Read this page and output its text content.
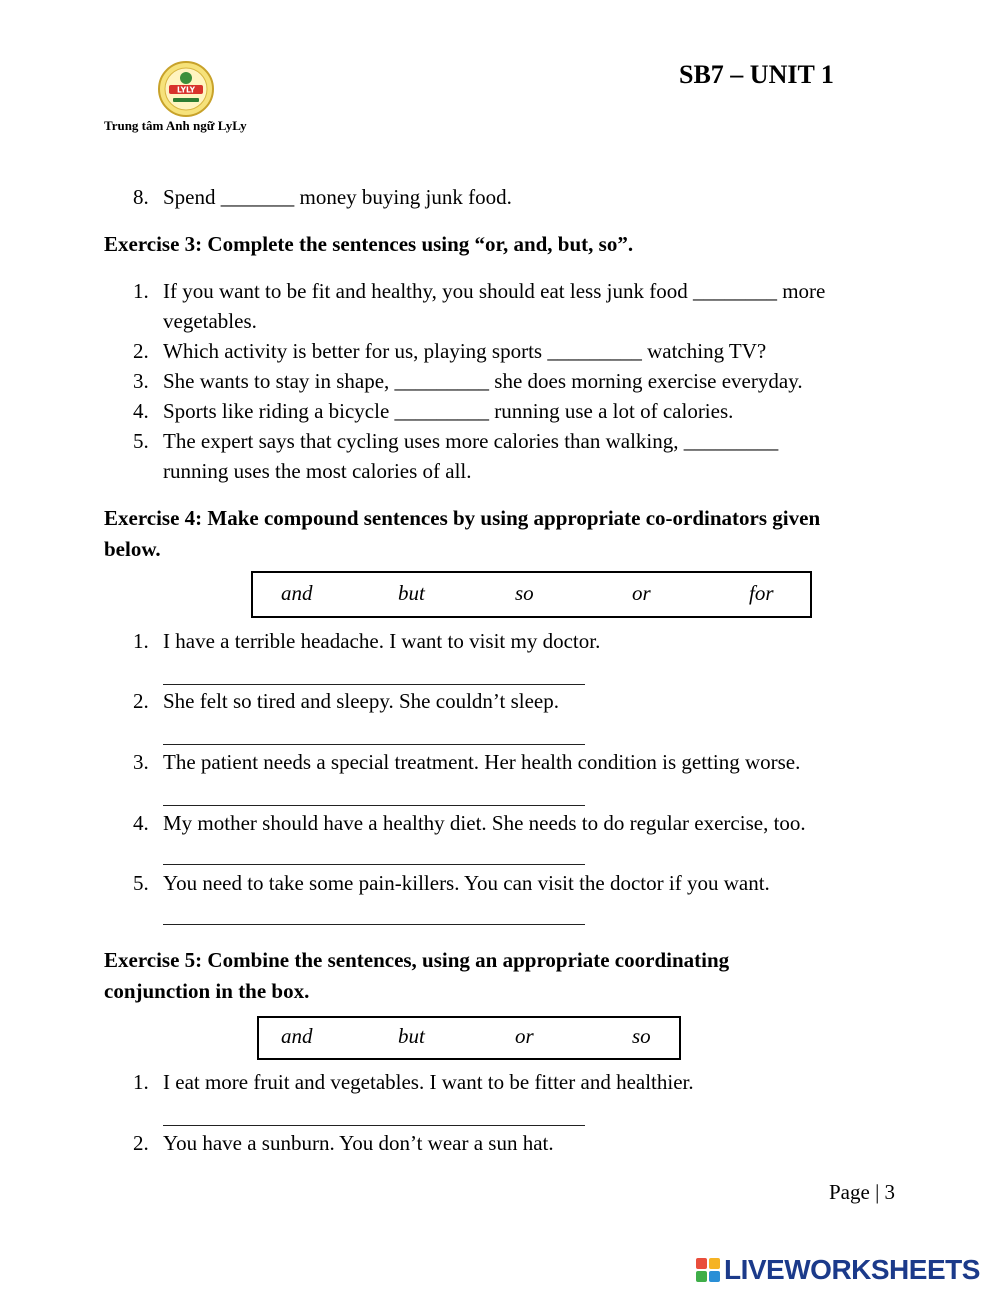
LYLY
Trung tâm Anh ngữ LyLy
SB7 – UNIT 1
8. Spend _______ money buying junk food.
Exercise 3: Complete the sentences using “or, and, but, so”.
1. If you want to be fit and healthy, you should eat less junk food ________ more
vegetables.
2. Which activity is better for us, playing sports _________ watching TV?
3. She wants to stay in shape, _________ she does morning exercise everyday.
4. Sports like riding a bicycle _________ running use a lot of calories.
5. The expert says that cycling uses more calories than walking, _________
running uses the most calories of all.
Exercise 4: Make compound sentences by using appropriate co-ordinators given
below.
and	but	so	or	for
1. I have a terrible headache. I want to visit my doctor.
2. She felt so tired and sleepy. She couldn’t sleep.
3. The patient needs a special treatment. Her health condition is getting worse.
4. My mother should have a healthy diet. She needs to do regular exercise, too.
5. You need to take some pain-killers. You can visit the doctor if you want.
Exercise 5: Combine the sentences, using an appropriate coordinating
conjunction in the box.
and	but	or	so
1. I eat more fruit and vegetables. I want to be fitter and healthier.
2. You have a sunburn. You don’t wear a sun hat.
Page | 3
LIVEWORKSHEETS
